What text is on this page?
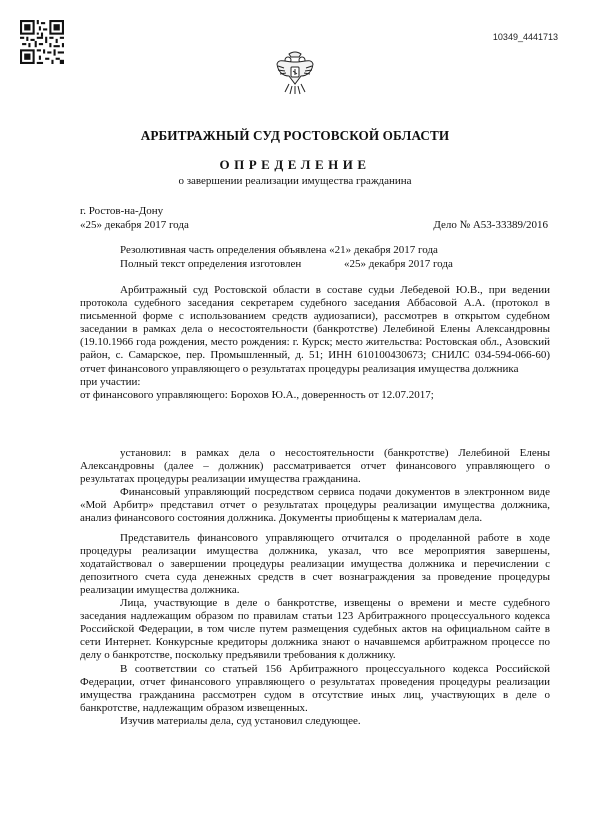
10349_4441713
АРБИТРАЖНЫЙ СУД РОСТОВСКОЙ ОБЛАСТИ
ОПРЕДЕЛЕНИЕ
о завершении реализации имущества гражданина
г. Ростов-на-Дону
«25» декабря 2017 года	Дело № А53-33389/2016
Резолютивная часть определения объявлена «21» декабря 2017 года
Полный текст определения изготовлен	«25» декабря 2017 года

Арбитражный суд Ростовской области в составе судьи Лебедевой Ю.В., при ведении протокола судебного заседания секретарем судебного заседания Аббасовой А.А. (протокол в письменной форме с использованием средств аудиозаписи), рассмотрев в открытом судебном заседании в рамках дела о несостоятельности (банкротстве) Лелебиной Елены Александровны (19.10.1966 года рождения, место рождения: г. Курск; место жительства: Ростовская обл., Азовский район, с. Самарское, пер. Промышленный, д. 51; ИНН 610100430673; СНИЛС 034-594-066-60) отчет финансового управляющего о результатах процедуры реализация имущества должника

при участии:

от финансового управляющего: Борохов Ю.А., доверенность от 12.07.2017;

установил: в рамках дела о несостоятельности (банкротстве) Лелебиной Елены Александровны (далее – должник) рассматривается отчет финансового управляющего о результатах процедуры реализации имущества гражданина.

Финансовый управляющий посредством сервиса подачи документов в электронном виде «Мой Арбитр» представил отчет о результатах процедуры реализации имущества должника, анализ финансового состояния должника. Документы приобщены к материалам дела.

Представитель финансового управляющего отчитался о проделанной работе в ходе процедуры реализации имущества должника, указал, что все мероприятия завершены, ходатайствовал о завершении процедуры реализации имущества должника и перечислении с депозитного счета суда денежных средств в счет вознаграждения за проведение процедуры реализации имущества должника.

Лица, участвующие в деле о банкротстве, извещены о времени и месте судебного заседания надлежащим образом по правилам статьи 123 Арбитражного процессуального кодекса Российской Федерации, в том числе путем размещения судебных актов на официальном сайте в сети Интернет. Конкурсные кредиторы должника знают о начавшемся арбитражном процессе по делу о банкротстве, поскольку предъявили требования к должнику.

В соответствии со статьей 156 Арбитражного процессуального кодекса Российской Федерации, отчет финансового управляющего о результатах проведения процедуры реализации имущества гражданина рассмотрен судом в отсутствие иных лиц, участвующих в деле о банкротстве, надлежащим образом извещенных.

Изучив материалы дела, суд установил следующее.
